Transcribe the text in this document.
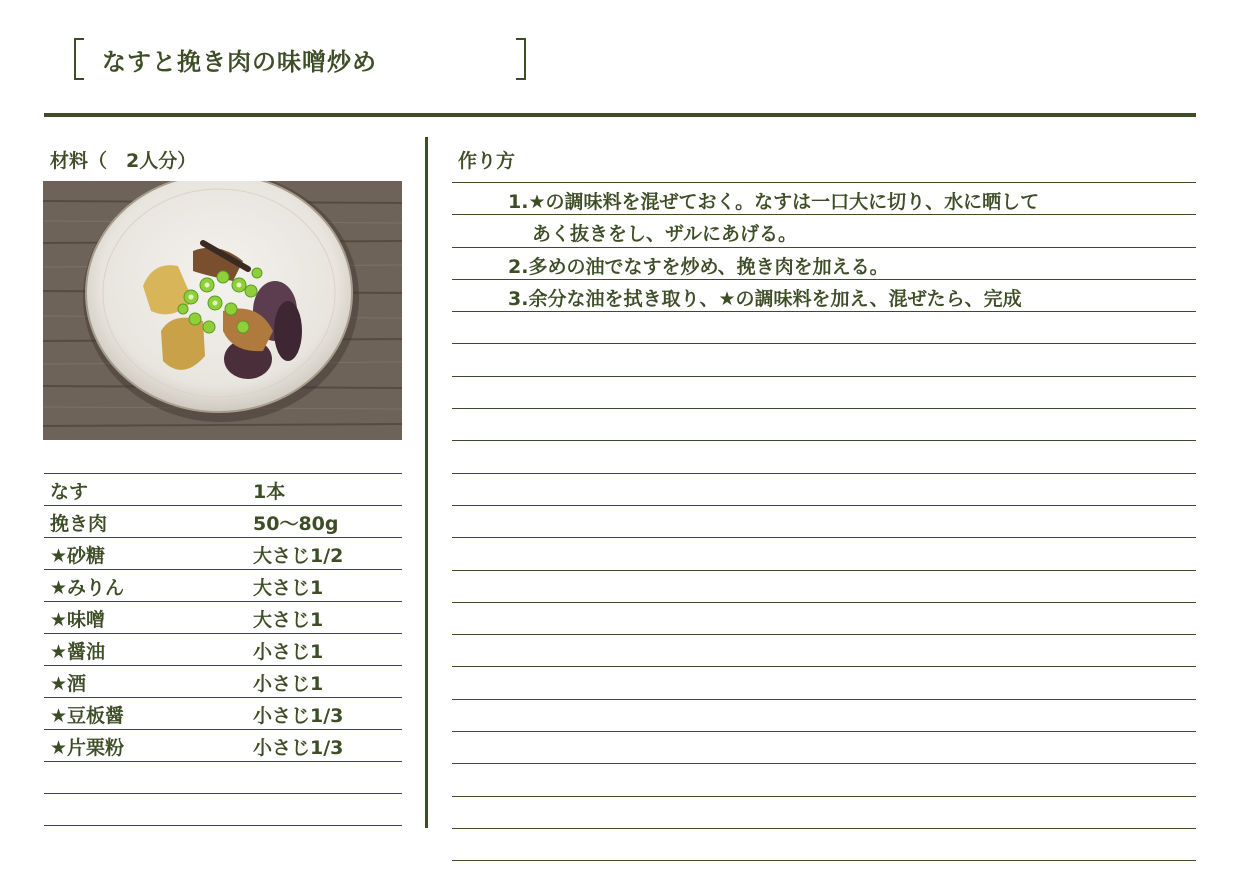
なすと挽き肉の味噌炒め
材料（　2人分）
なす	1本
挽き肉	50〜80g
★砂糖	大さじ1/2
★みりん	大さじ1
★味噌	大さじ1
★醤油	小さじ1
★酒	小さじ1
★豆板醤	小さじ1/3
★片栗粉	小さじ1/3
作り方
1.★の調味料を混ぜておく。なすは一口大に切り、水に晒して
あく抜きをし、ザルにあげる。
2.多めの油でなすを炒め、挽き肉を加える。
3.余分な油を拭き取り、★の調味料を加え、混ぜたら、完成
